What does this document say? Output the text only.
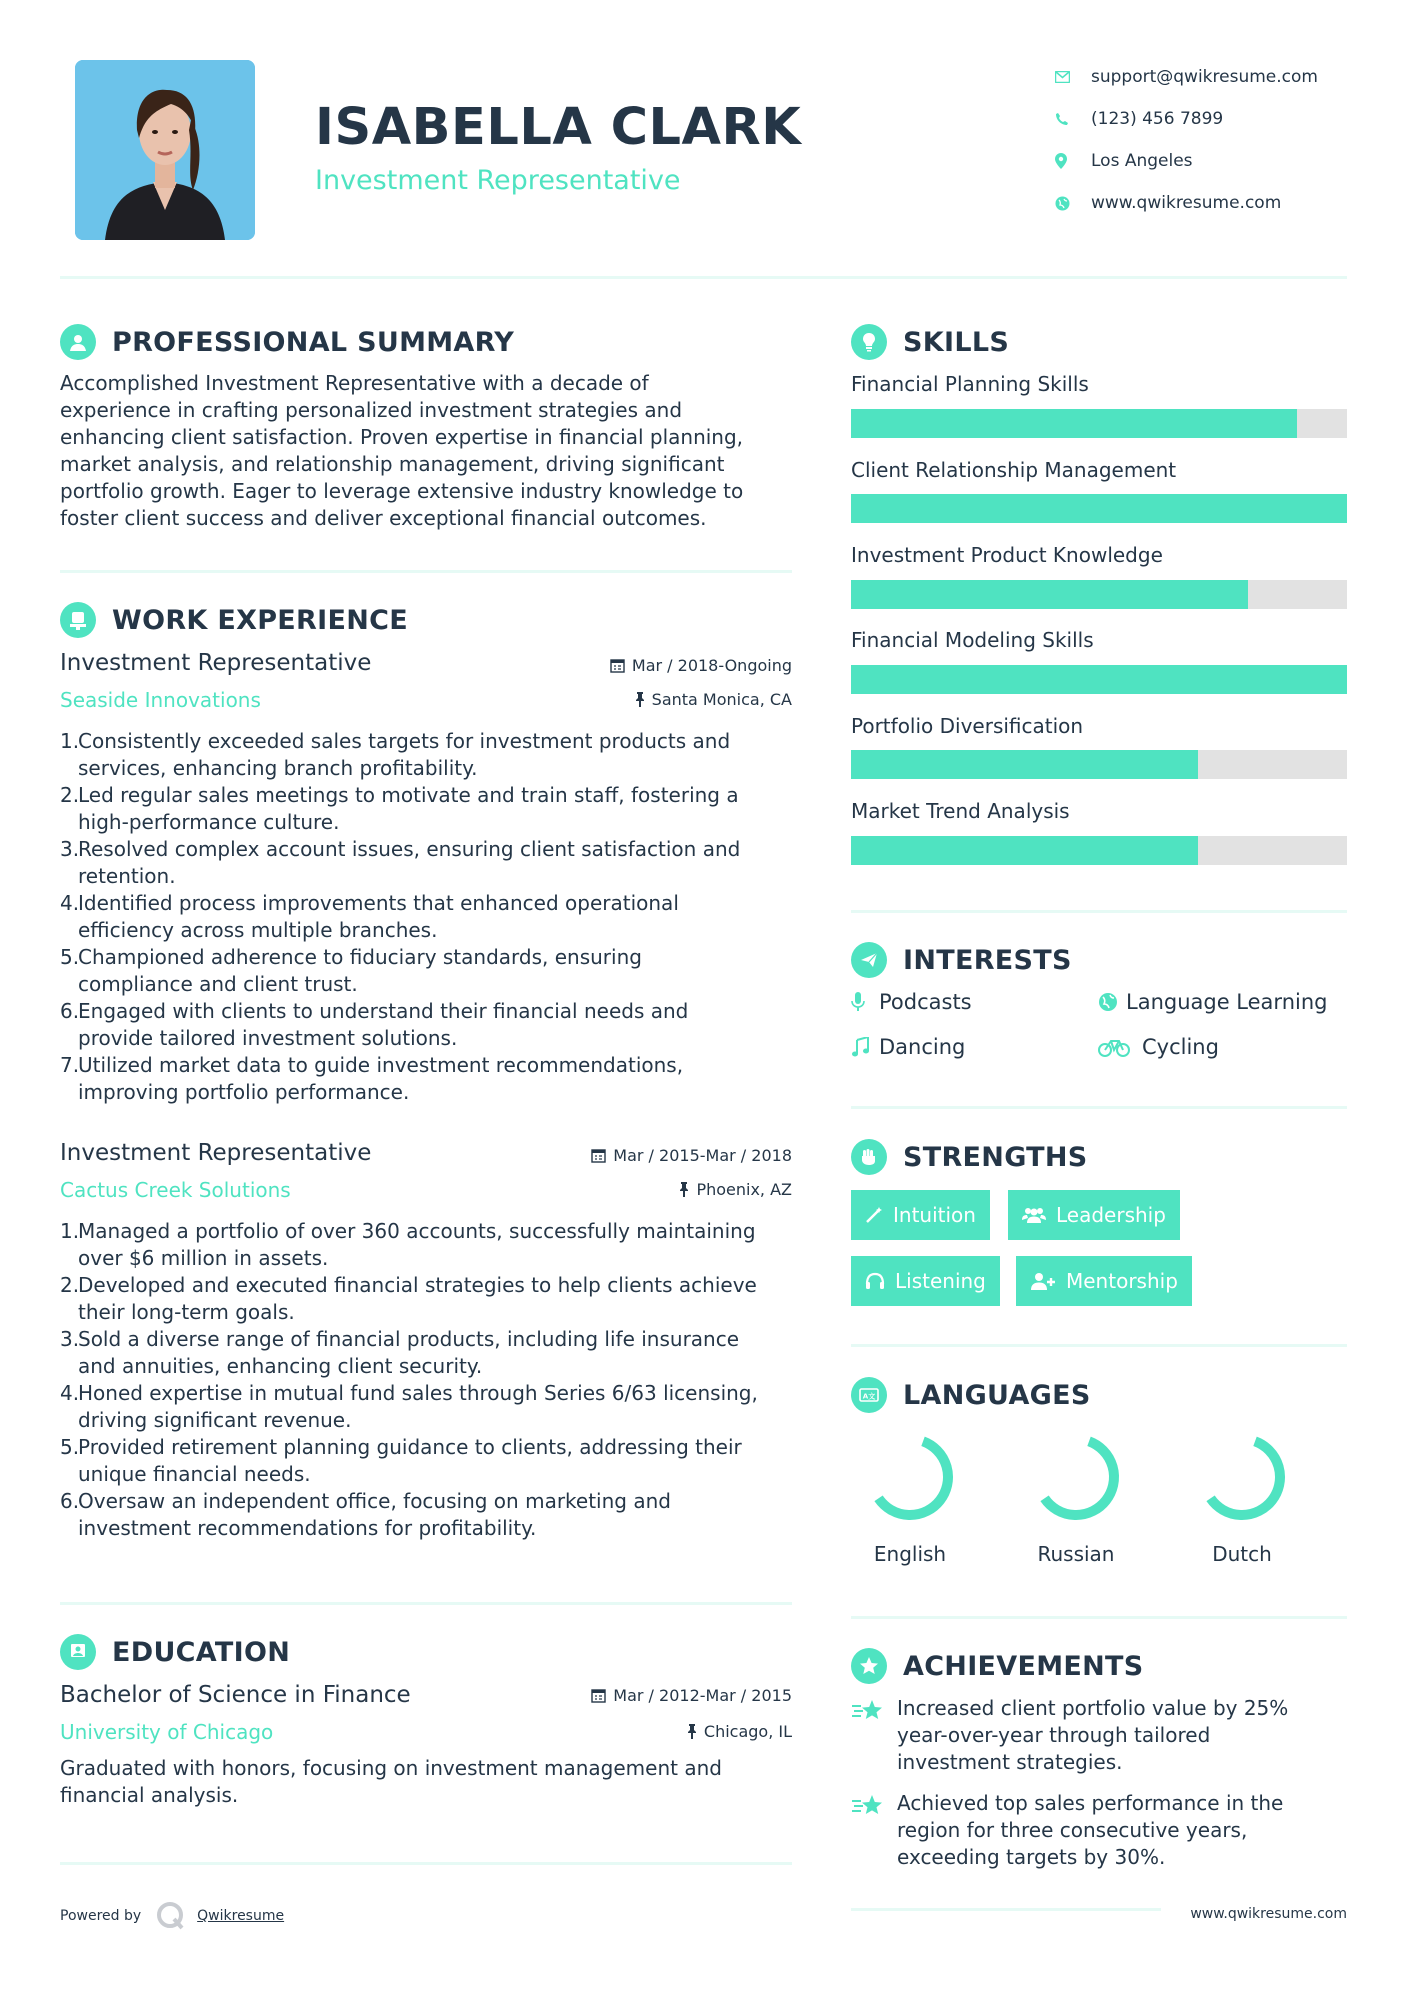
ISABELLA CLARK
Investment Representative
support@qwikresume.com
(123) 456 7899
Los Angeles
www.qwikresume.com
PROFESSIONAL SUMMARY
Accomplished Investment Representative with a decade of
experience in crafting personalized investment strategies and
enhancing client satisfaction. Proven expertise in financial planning,
market analysis, and relationship management, driving significant
portfolio growth. Eager to leverage extensive industry knowledge to
foster client success and deliver exceptional financial outcomes.
WORK EXPERIENCE
Investment Representative	Mar / 2018-Ongoing
Seaside Innovations	Santa Monica, CA
1.
Consistently exceeded sales targets for investment products and
services, enhancing branch profitability.
2.
Led regular sales meetings to motivate and train staff, fostering a
high-performance culture.
3.
Resolved complex account issues, ensuring client satisfaction and
retention.
4.
Identified process improvements that enhanced operational
efficiency across multiple branches.
5.
Championed adherence to fiduciary standards, ensuring
compliance and client trust.
6.
Engaged with clients to understand their financial needs and
provide tailored investment solutions.
7.
Utilized market data to guide investment recommendations,
improving portfolio performance.
Investment Representative	Mar / 2015-Mar / 2018
Cactus Creek Solutions	Phoenix, AZ
1.
Managed a portfolio of over 360 accounts, successfully maintaining
over $6 million in assets.
2.
Developed and executed financial strategies to help clients achieve
their long-term goals.
3.
Sold a diverse range of financial products, including life insurance
and annuities, enhancing client security.
4.
Honed expertise in mutual fund sales through Series 6/63 licensing,
driving significant revenue.
5.
Provided retirement planning guidance to clients, addressing their
unique financial needs.
6.
Oversaw an independent office, focusing on marketing and
investment recommendations for profitability.
EDUCATION
Bachelor of Science in Finance	Mar / 2012-Mar / 2015
University of Chicago	Chicago, IL
Graduated with honors, focusing on investment management and
financial analysis.
Powered by	Qwikresume
SKILLS
Financial Planning Skills
Client Relationship Management
Investment Product Knowledge
Financial Modeling Skills
Portfolio Diversification
Market Trend Analysis
INTERESTS
Podcasts	Language Learning
Dancing	Cycling
STRENGTHS
Intuition	Leadership
Listening	Mentorship
A文 LANGUAGES
English	Russian	Dutch
ACHIEVEMENTS
Increased client portfolio value by 25%
year-over-year through tailored
investment strategies.
Achieved top sales performance in the
region for three consecutive years,
exceeding targets by 30%.
www.qwikresume.com
